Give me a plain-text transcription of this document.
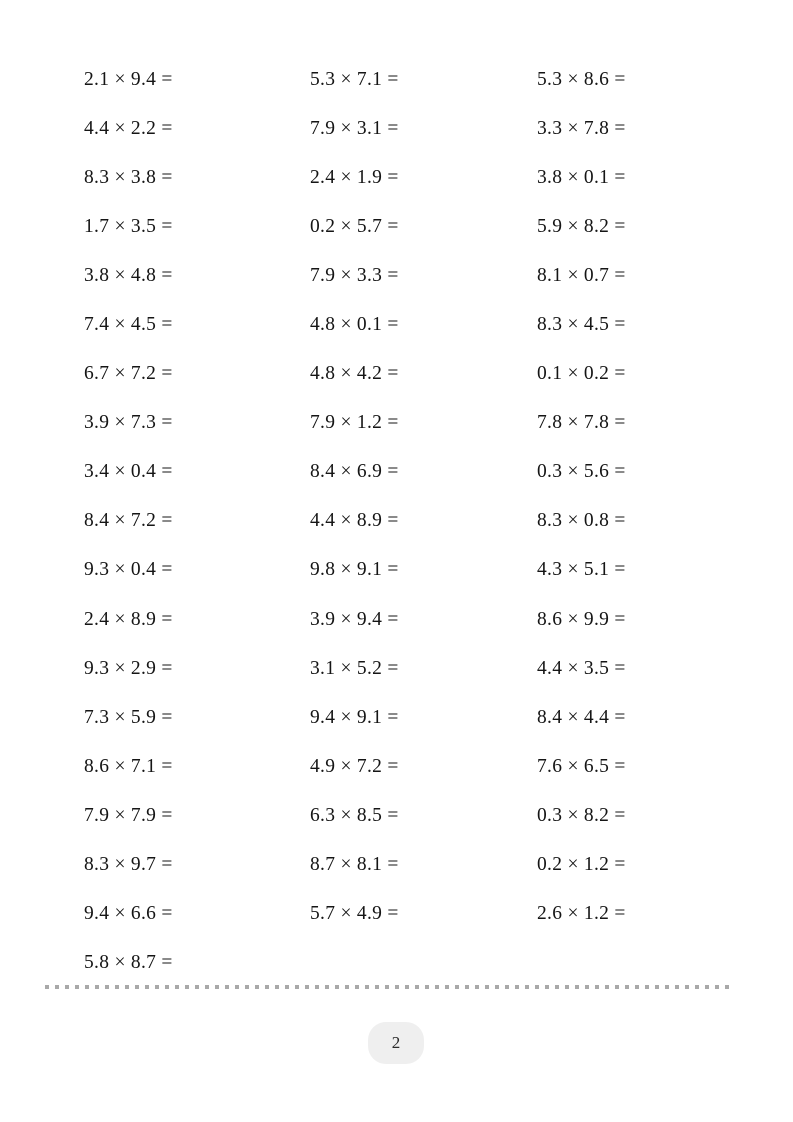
2.1 × 9.4 =	5.3 × 7.1 =	5.3 × 8.6 =
4.4 × 2.2 =	7.9 × 3.1 =	3.3 × 7.8 =
8.3 × 3.8 =	2.4 × 1.9 =	3.8 × 0.1 =
1.7 × 3.5 =	0.2 × 5.7 =	5.9 × 8.2 =
3.8 × 4.8 =	7.9 × 3.3 =	8.1 × 0.7 =
7.4 × 4.5 =	4.8 × 0.1 =	8.3 × 4.5 =
6.7 × 7.2 =	4.8 × 4.2 =	0.1 × 0.2 =
3.9 × 7.3 =	7.9 × 1.2 =	7.8 × 7.8 =
3.4 × 0.4 =	8.4 × 6.9 =	0.3 × 5.6 =
8.4 × 7.2 =	4.4 × 8.9 =	8.3 × 0.8 =
9.3 × 0.4 =	9.8 × 9.1 =	4.3 × 5.1 =
2.4 × 8.9 =	3.9 × 9.4 =	8.6 × 9.9 =
9.3 × 2.9 =	3.1 × 5.2 =	4.4 × 3.5 =
7.3 × 5.9 =	9.4 × 9.1 =	8.4 × 4.4 =
8.6 × 7.1 =	4.9 × 7.2 =	7.6 × 6.5 =
7.9 × 7.9 =	6.3 × 8.5 =	0.3 × 8.2 =
8.3 × 9.7 =	8.7 × 8.1 =	0.2 × 1.2 =
9.4 × 6.6 =	5.7 × 4.9 =	2.6 × 1.2 =
5.8 × 8.7 =
2
